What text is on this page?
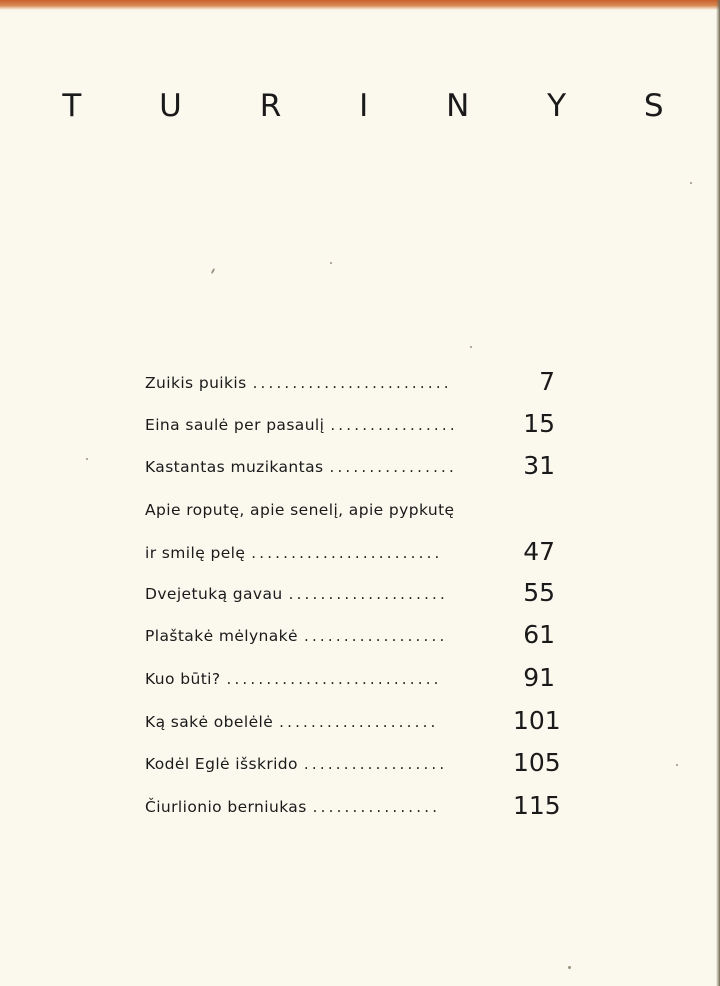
T U R I N Y S
Zuikis puikis .........................	7
Eina saulė per pasaulį ................	15
Kastantas muzikantas ................	31
Apie roputę, apie senelį, apie pypkutę
ir smilę pelę ........................	47
Dvejetuką gavau ....................	55
Plaštakė mėlynakė ..................	61
Kuo būti? ...........................	91
Ką sakė obelėlė ....................	101
Kodėl Eglė išskrido ..................	105
Čiurlionio berniukas ................	115
